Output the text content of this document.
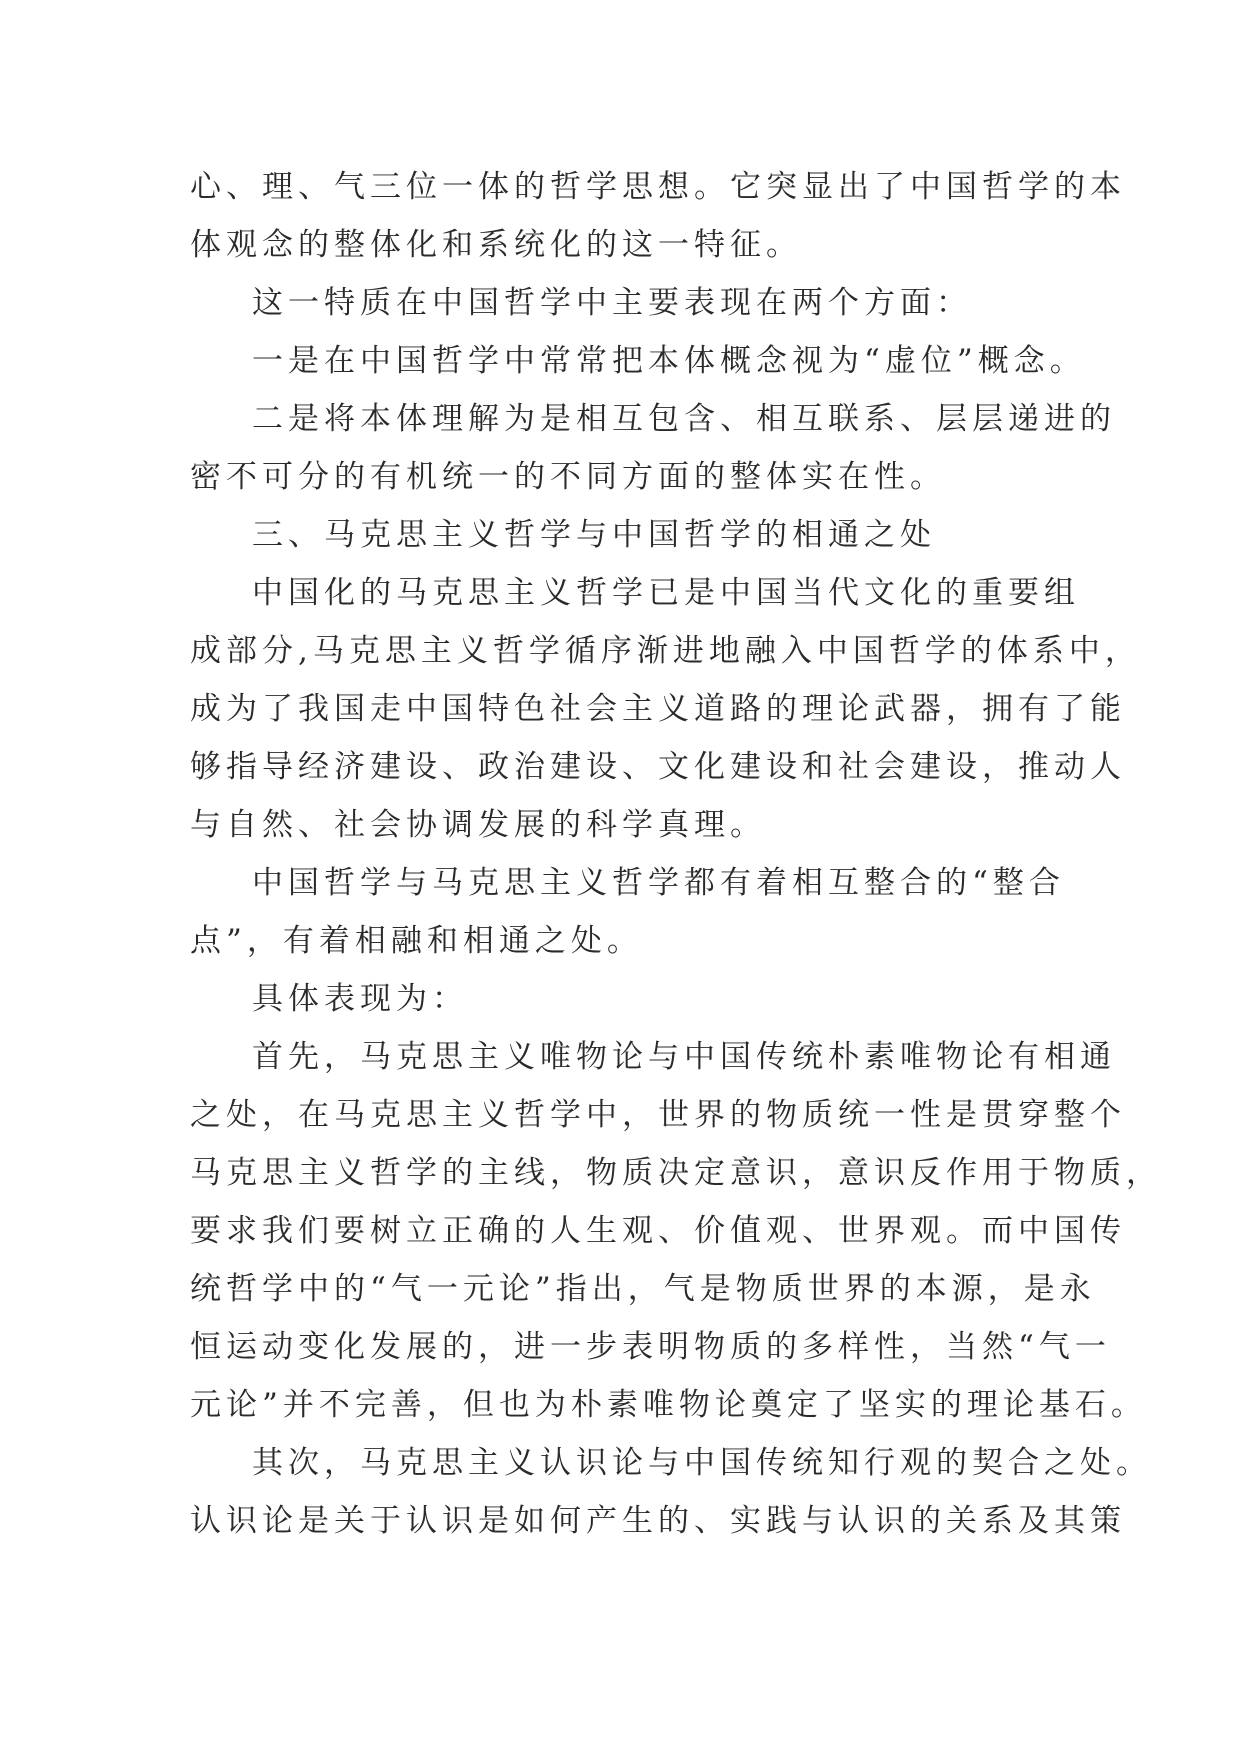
心、理、气三位一体的哲学思想。它突显出了中国哲学的本
体观念的整体化和系统化的这一特征。
这一特质在中国哲学中主要表现在两个方面：
一是在中国哲学中常常把本体概念视为“虚位”概念。
二是将本体理解为是相互包含、相互联系、层层递进的
密不可分的有机统一的不同方面的整体实在性。
三、马克思主义哲学与中国哲学的相通之处
中国化的马克思主义哲学已是中国当代文化的重要组
成部分,马克思主义哲学循序渐进地融入中国哲学的体系中，
成为了我国走中国特色社会主义道路的理论武器，拥有了能
够指导经济建设、政治建设、文化建设和社会建设，推动人
与自然、社会协调发展的科学真理。
中国哲学与马克思主义哲学都有着相互整合的“整合
点”，有着相融和相通之处。
具体表现为：
首先，马克思主义唯物论与中国传统朴素唯物论有相通
之处，在马克思主义哲学中，世界的物质统一性是贯穿整个
马克思主义哲学的主线，物质决定意识，意识反作用于物质，
要求我们要树立正确的人生观、价值观、世界观。而中国传
统哲学中的“气一元论”指出，气是物质世界的本源，是永
恒运动变化发展的，进一步表明物质的多样性，当然“气一
元论”并不完善，但也为朴素唯物论奠定了坚实的理论基石。
其次，马克思主义认识论与中国传统知行观的契合之处。
认识论是关于认识是如何产生的、实践与认识的关系及其策
